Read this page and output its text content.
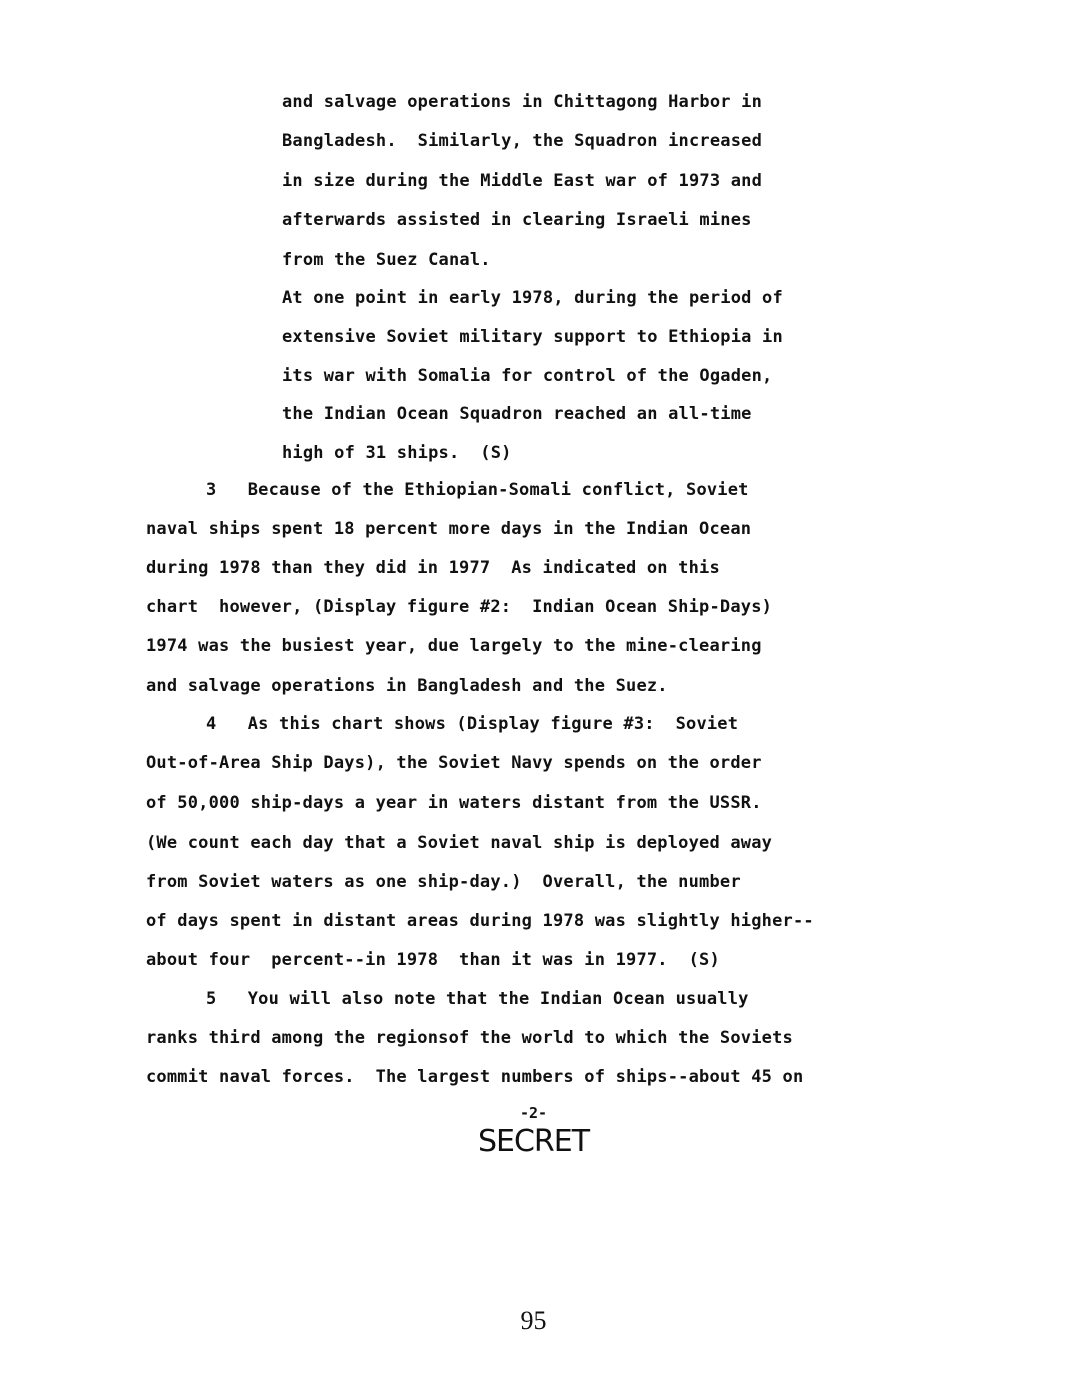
and salvage operations in Chittagong Harbor in
Bangladesh.  Similarly, the Squadron increased
in size during the Middle East war of 1973 and
afterwards assisted in clearing Israeli mines
from the Suez Canal.
At one point in early 1978, during the period of
extensive Soviet military support to Ethiopia in
its war with Somalia for control of the Ogaden,
the Indian Ocean Squadron reached an all-time
high of 31 ships.  (S)
3   Because of the Ethiopian-Somali conflict, Soviet
naval ships spent 18 percent more days in the Indian Ocean
during 1978 than they did in 1977  As indicated on this
chart  however, (Display figure #2:  Indian Ocean Ship-Days)
1974 was the busiest year, due largely to the mine-clearing
and salvage operations in Bangladesh and the Suez.
4   As this chart shows (Display figure #3:  Soviet
Out-of-Area Ship Days), the Soviet Navy spends on the order
of 50,000 ship-days a year in waters distant from the USSR.
(We count each day that a Soviet naval ship is deployed away
from Soviet waters as one ship-day.)  Overall, the number
of days spent in distant areas during 1978 was slightly higher--
about four  percent--in 1978  than it was in 1977.  (S)
5   You will also note that the Indian Ocean usually
ranks third among the regionsof the world to which the Soviets
commit naval forces.  The largest numbers of ships--about 45 on
-2-
SECRET
95
